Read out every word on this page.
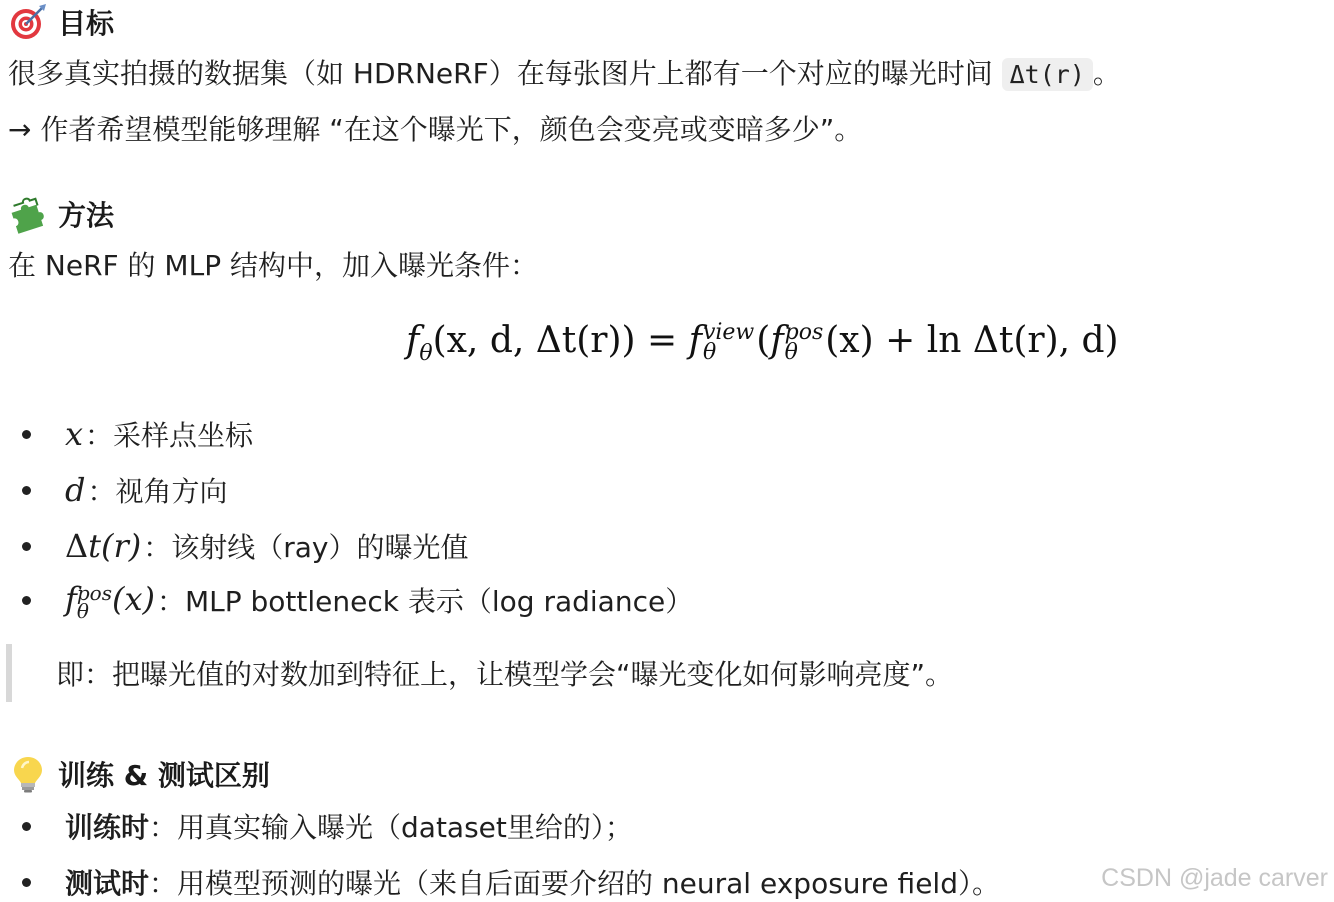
目标
很多真实拍摄的数据集（如 HDRNeRF）在每张图片上都有一个对应的曝光时间 Δt(r) 。
→ 作者希望模型能够理解 “在这个曝光下，颜色会变亮或变暗多少”。
方法
在 NeRF 的 MLP 结构中，加入曝光条件：
$f_\theta(x$, d, Δt(r)) = f view
θ	(f pos
θ (x) + ln Δt(r), d)
x ：采样点坐标
d ：视角方向
Δt(r) ：该射线（ray）的曝光值
f pos
θ (x) ：MLP bottleneck 表示（log radiance）
即：把曝光值的对数加到特征上，让模型学会“曝光变化如何影响亮度”。
训练 & 测试区别
训练时 ：用真实输入曝光（dataset里给的）；
测试时 ：用模型预测的曝光（来自后面要介绍的 neural exposure field）。	CSDN @jade carver
